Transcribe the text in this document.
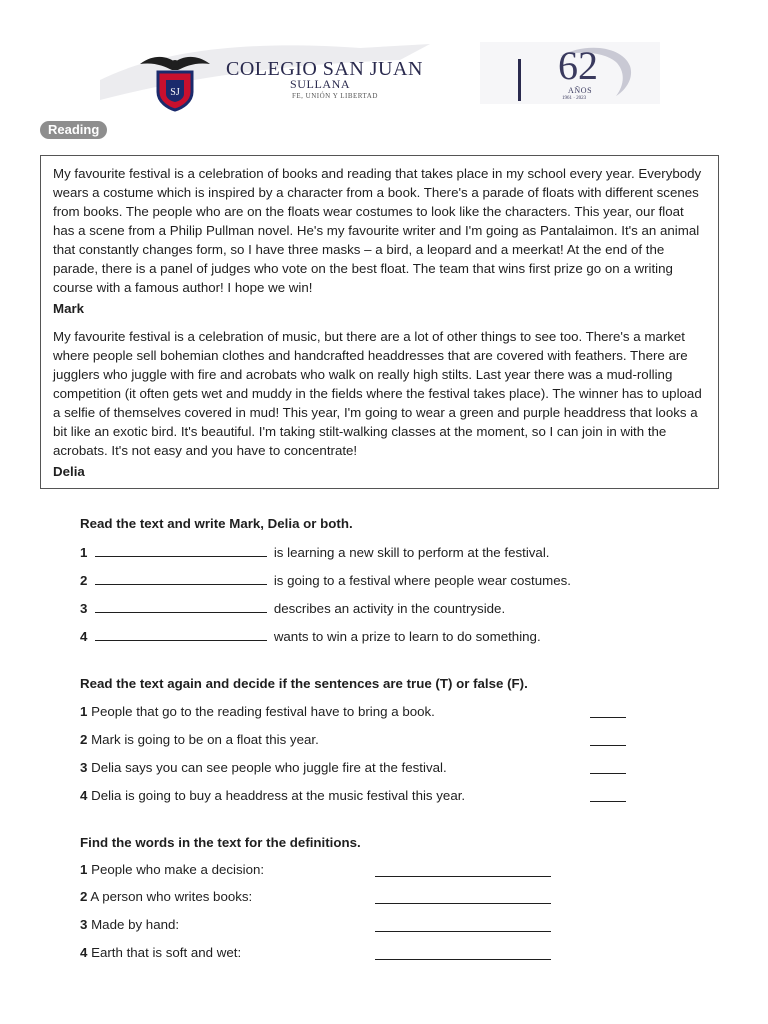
SJ
COLEGIO SAN JUAN
SULLANA
FE, UNIÓN Y LIBERTAD
62
AÑOS
1961 · 2023
Reading

My favourite festival is a celebration of books and reading that takes place in my school every year. Everybody wears a costume which is inspired by a character from a book. There's a parade of floats with different scenes from books. The people who are on the floats wear costumes to look like the characters. This year, our float has a scene from a Philip Pullman novel. He's my favourite writer and I'm going as Pantalaimon. It's an animal that constantly changes form, so I have three masks – a bird, a leopard and a meerkat! At the end of the parade, there is a panel of judges who vote on the best float. The team that wins first prize go on a writing course with a famous author! I hope we win!

Mark

My favourite festival is a celebration of music, but there are a lot of other things to see too. There's a market where people sell bohemian clothes and handcrafted headdresses that are covered with feathers. There are jugglers who juggle with fire and acrobats who walk on really high stilts. Last year there was a mud-rolling competition (it often gets wet and muddy in the fields where the festival takes place). The winner has to upload a selfie of themselves covered in mud! This year, I'm going to wear a green and purple headdress that looks a bit like an exotic bird. It's beautiful. I'm taking stilt-walking classes at the moment, so I can join in with the acrobats. It's not easy and you have to concentrate!

Delia
Read the text and write Mark, Delia or both.
1	is learning a new skill to perform at the festival.
2	is going to a festival where people wear costumes.
3	describes an activity in the countryside.
4	wants to win a prize to learn to do something.
Read the text again and decide if the sentences are true (T) or false (F).
1 People that go to the reading festival have to bring a book.
2 Mark is going to be on a float this year.
3 Delia says you can see people who juggle fire at the festival.
4 Delia is going to buy a headdress at the music festival this year.
Find the words in the text for the definitions.
1 People who make a decision:
2 A person who writes books:
3 Made by hand:
4 Earth that is soft and wet:
